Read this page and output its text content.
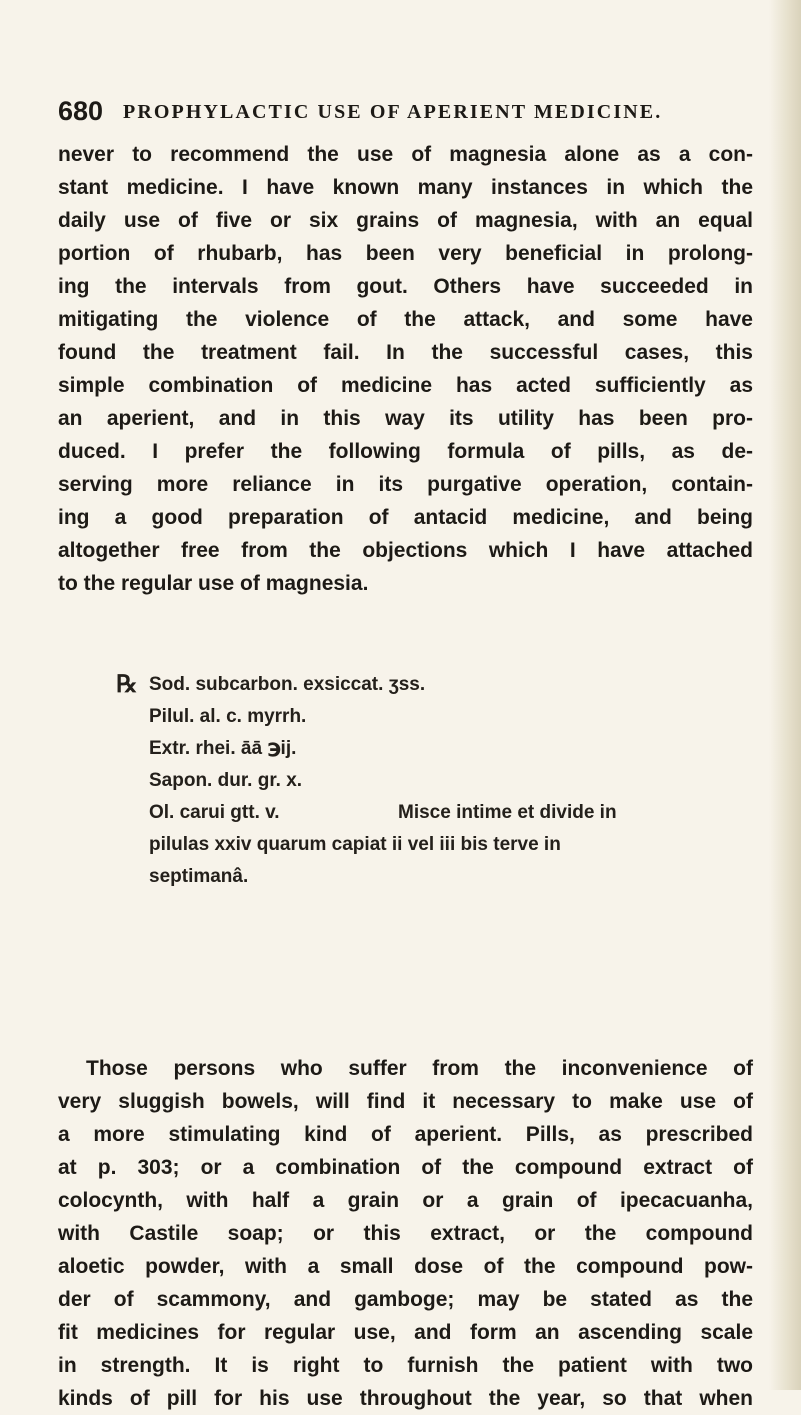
680 PROPHYLACTIC USE OF APERIENT MEDICINE.
never to recommend the use of magnesia alone as a con-
stant medicine. I have known many instances in which the
daily use of five or six grains of magnesia, with an equal
portion of rhubarb, has been very beneficial in prolong-
ing the intervals from gout. Others have succeeded in
mitigating the violence of the attack, and some have
found the treatment fail. In the successful cases, this
simple combination of medicine has acted sufficiently as
an aperient, and in this way its utility has been pro-
duced. I prefer the following formula of pills, as de-
serving more reliance in its purgative operation, contain-
ing a good preparation of antacid medicine, and being
altogether free from the objections which I have attached
to the regular use of magnesia.
℞ Sod. subcarbon. exsiccat. ʒss.
Pilul. al. c. myrrh.
Extr. rhei. āā ℈ij.
Sapon. dur. gr. x.
Ol. carui gtt. v.	Misce intime et divide in
pilulas xxiv quarum capiat ii vel iii bis terve in
septimanâ.
Those persons who suffer from the inconvenience of
very sluggish bowels, will find it necessary to make use of
a more stimulating kind of aperient. Pills, as prescribed
at p. 303; or a combination of the compound extract of
colocynth, with half a grain or a grain of ipecacuanha,
with Castile soap; or this extract, or the compound
aloetic powder, with a small dose of the compound pow-
der of scammony, and gamboge; may be stated as the
fit medicines for regular use, and form an ascending scale
in strength. It is right to furnish the patient with two
kinds of pill for his use throughout the year, so that when
